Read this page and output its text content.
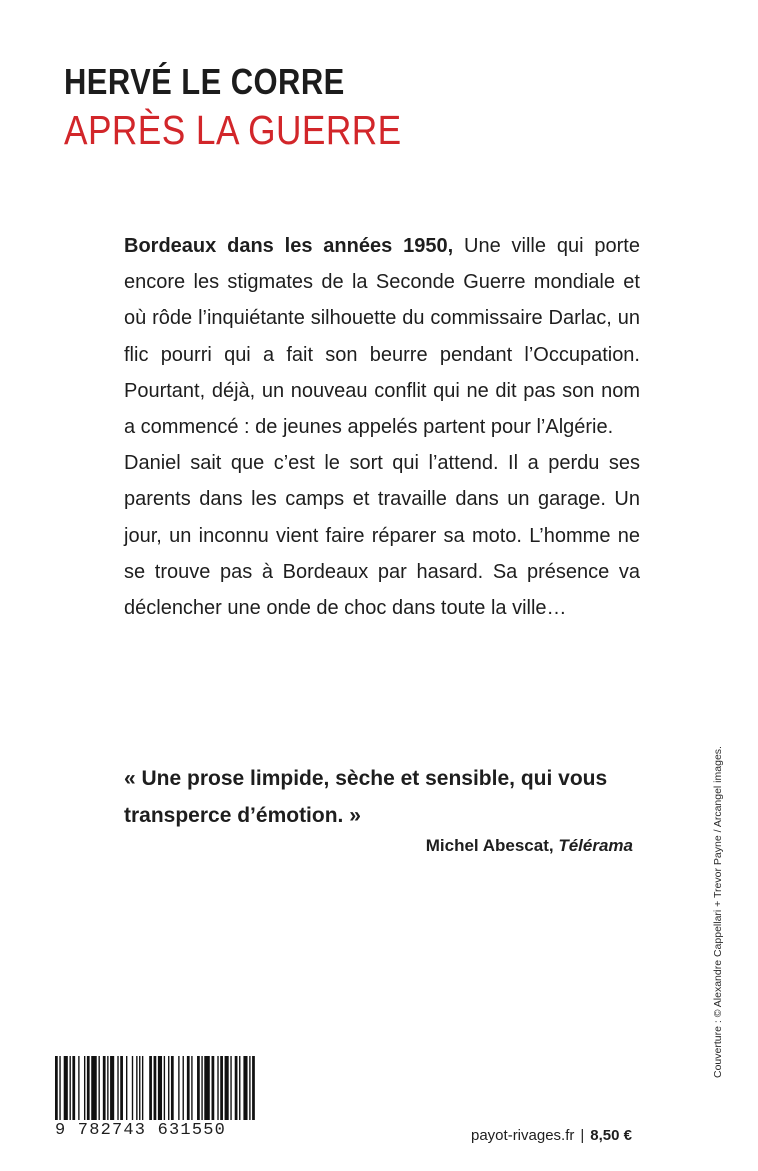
HERVÉ LE CORRE
APRÈS LA GUERRE

Bordeaux dans les années 1950, Une ville qui porte encore les stigmates de la Seconde Guerre mondiale et où rôde l’inquiétante silhouette du commissaire Darlac, un flic pourri qui a fait son beurre pendant l’Occupation. Pourtant, déjà, un nouveau conflit qui ne dit pas son nom a commencé : de jeunes appelés partent pour l’Algérie.

Daniel sait que c’est le sort qui l’attend. Il a perdu ses parents dans les camps et travaille dans un garage. Un jour, un inconnu vient faire réparer sa moto. L’homme ne se trouve pas à Bordeaux par hasard. Sa présence va déclencher une onde de choc dans toute la ville…

« Une prose limpide, sèche et sensible, qui vous transperce d’émotion. »

Michel Abescat, Télérama	Couverture : © Alexandre Cappellari + Trevor Payne / Arcangel images.
9 782743 631550	payot-rivages.fr | 8,50 €
